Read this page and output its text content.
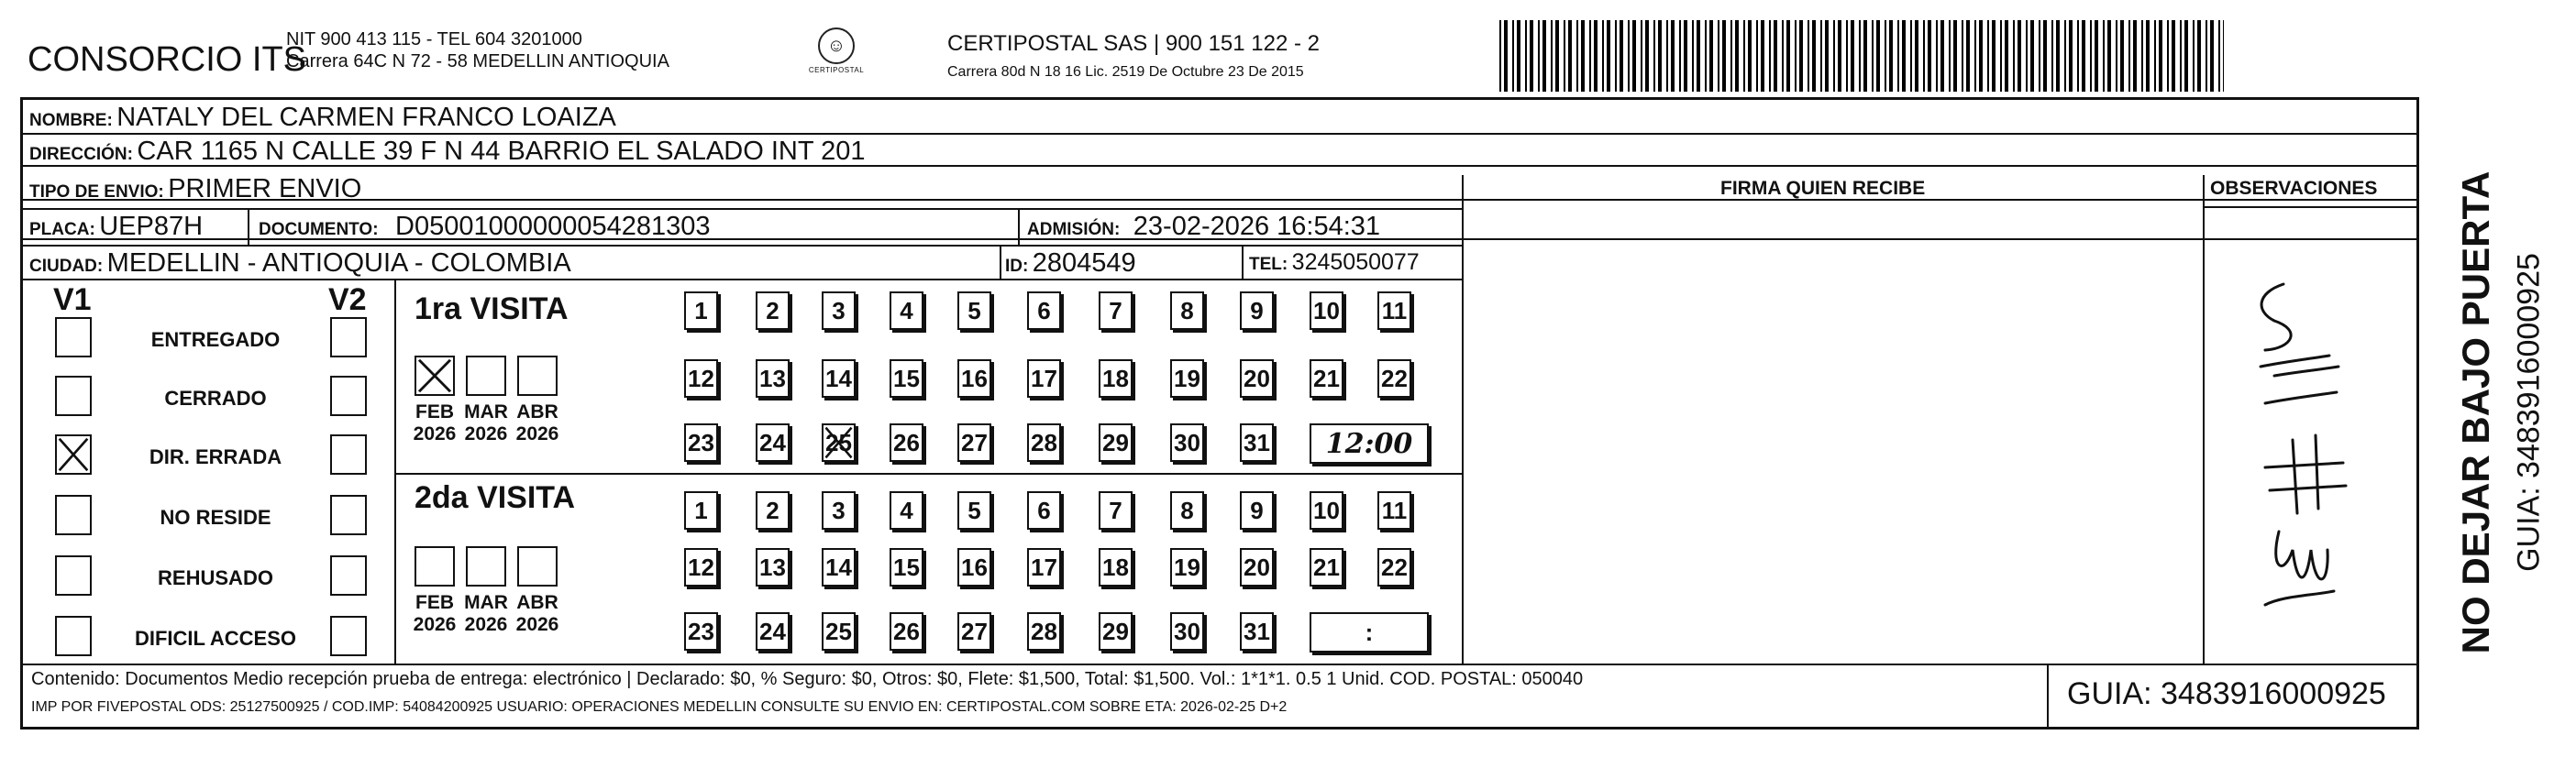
CONSORCIO ITS
NIT 900 413 115 - TEL 604 3201000
Carrera 64C N 72 - 58 MEDELLIN ANTIOQUIA
☺
CERTIPOSTAL
CERTIPOSTAL SAS | 900 151 122 - 2
Carrera 80d N 18 16 Lic. 2519 De Octubre 23 De 2015
NOMBRE: NATALY DEL CARMEN FRANCO LOAIZA
DIRECCIÓN: CAR 1165 N CALLE 39 F N 44 BARRIO EL SALADO INT 201
TIPO DE ENVIO: PRIMER ENVIO	FIRMA QUIEN RECIBE	OBSERVACIONES
PLACA: UEP87H	DOCUMENTO: D05001000000054281303	ADMISIÓN: 23-02-2026 16:54:31
CIUDAD: MEDELLIN - ANTIOQUIA - COLOMBIA	ID: 2804549	TEL: 3245050077
V1	V2
ENTREGADO
CERRADO
DIR. ERRADA
NO RESIDE
REHUSADO
DIFICIL ACCESO
1ra VISITA
FEB
2026
MAR
2026
ABR
2026
1	2	3	4	5	6	7	8	9	10 11
12 13 14 15 16 17 18 19 20 21 22
23 24 25 26 27 28 29 30 31 12:00
2da VISITA
FEB
2026
MAR
2026
ABR
2026
1	2	3	4	5	6	7	8	9	10 11
12 13 14 15 16 17 18 19 20 21 22
23 24 25 26 27 28 29 30 31	:
Contenido: Documentos Medio recepción prueba de entrega: electrónico | Declarado: $0, % Seguro: $0, Otros: $0, Flete: $1,500, Total: $1,500. Vol.: 1*1*1. 0.5 1 Unid. COD. POSTAL: 050040
IMP POR FIVEPOSTAL ODS: 25127500925 / COD.IMP: 54084200925 USUARIO: OPERACIONES MEDELLIN CONSULTE SU ENVIO EN: CERTIPOSTAL.COM SOBRE ETA: 2026-02-25 D+2	GUIA: 3483916000925
NO DEJAR BAJO PUERTA GUIA: 3483916000925
